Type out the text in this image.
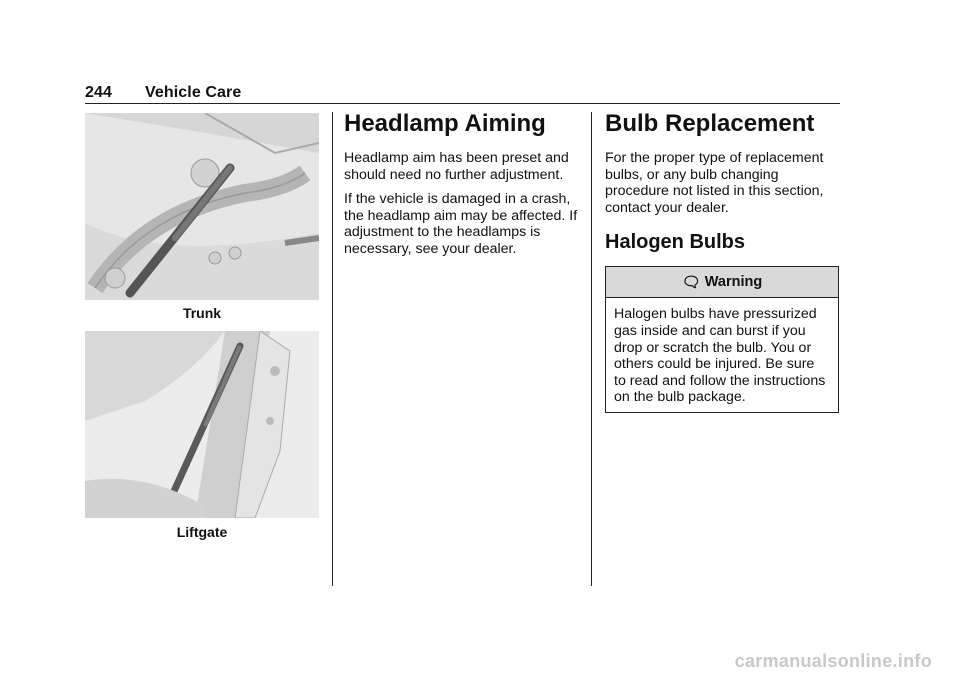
244 Vehicle Care
Trunk
Liftgate
Headlamp Aiming

Headlamp aim has been preset and should need no further adjustment.

If the vehicle is damaged in a crash, the headlamp aim may be affected. If adjustment to the headlamps is necessary, see your dealer.

Bulb Replacement

For the proper type of replacement bulbs, or any bulb changing procedure not listed in this section, contact your dealer.

Halogen Bulbs
🗨︎ Warning
Halogen bulbs have pressurized gas inside and can burst if you drop or scratch the bulb. You or others could be injured. Be sure to read and follow the instructions on the bulb package.
carmanualsonline.info
